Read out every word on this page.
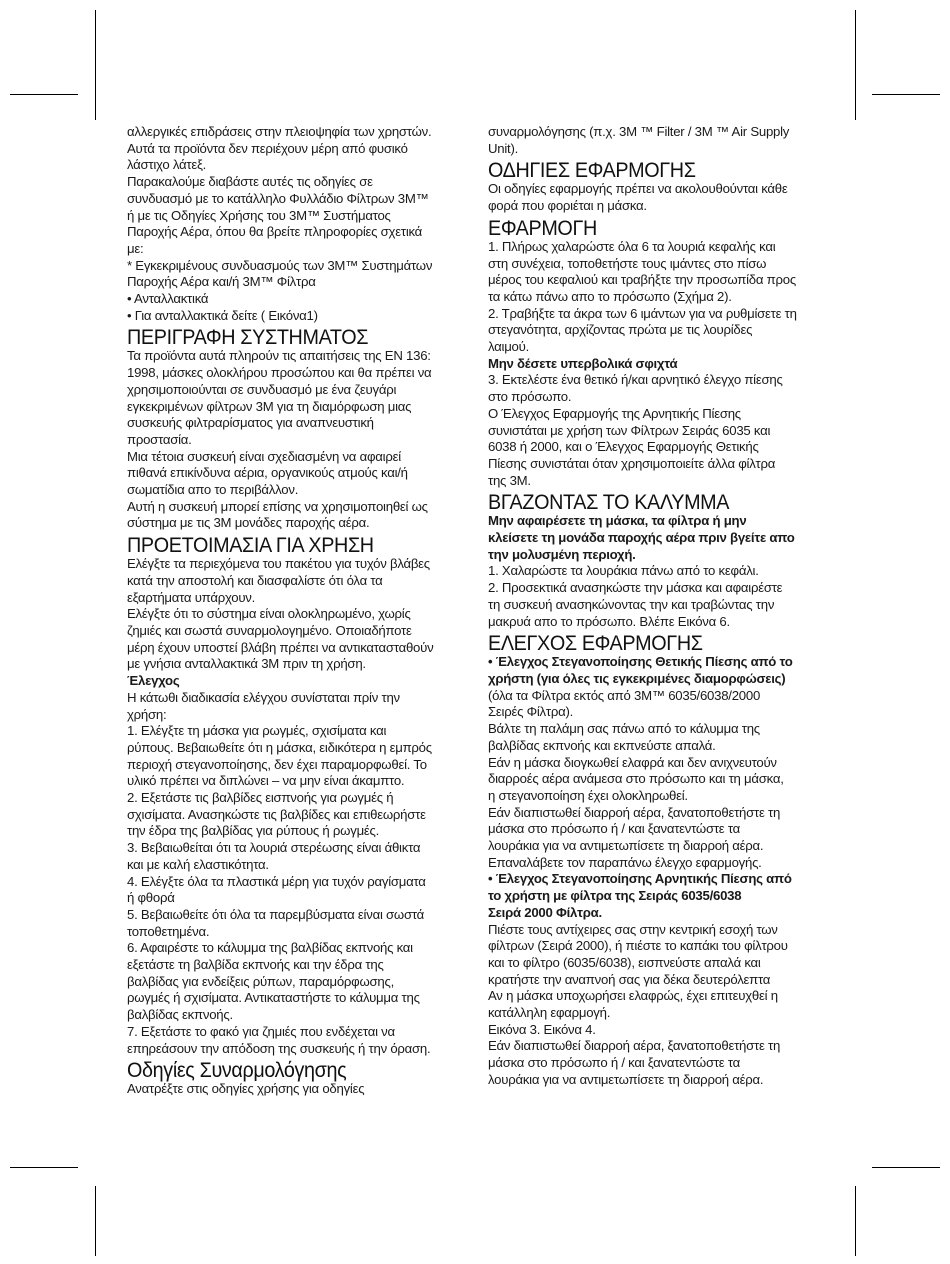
αλλεργικές επιδράσεις στην πλειοψηφία των χρηστών.

Αυτά τα προϊόντα δεν περιέχουν μέρη από φυσικό

λάστιχο λάτεξ.

Παρακαλούμε διαβάστε αυτές τις οδηγίες σε

συνδυασμό με το κατάλληλο Φυλλάδιο Φίλτρων 3M™

ή με τις Οδηγίες Χρήσης του 3M™ Συστήματος

Παροχής Αέρα, όπου θα βρείτε πληροφορίες σχετικά

με:

* Εγκεκριμένους συνδυασμούς των 3M™ Συστημάτων

Παροχής Αέρα και/ή 3M™ Φίλτρα

• Ανταλλακτικά

• Για ανταλλακτικά δείτε ( Εικόνα1)

ΠΕΡΙΓΡΑΦΗ ΣΥΣΤΗΜΑΤΟΣ

Τα προϊόντα αυτά πληρούν τις απαιτήσεις της EN 136:

1998, μάσκες ολοκλήρου προσώπου και θα πρέπει να

χρησιμοποιούνται σε συνδυασμό με ένα ζευγάρι

εγκεκριμένων φίλτρων 3M για τη διαμόρφωση μιας

συσκευής φιλτραρίσματος για αναπνευστική

προστασία.

Μια τέτοια συσκευή είναι σχεδιασμένη να αφαιρεί

πιθανά επικίνδυνα αέρια, οργανικούς ατμούς και/ή

σωματίδια απο το περιβάλλον.

Αυτή η συσκευή μπορεί επίσης να χρησιμοποιηθεί ως

σύστημα με τις 3M μονάδες παροχής αέρα.

ΠΡΟΕΤΟΙΜΑΣΙΑ ΓΙΑ ΧΡΗΣΗ

Ελέγξτε τα περιεχόμενα του πακέτου για τυχόν βλάβες

κατά την αποστολή και διασφαλίστε ότι όλα τα

εξαρτήματα υπάρχουν.

Ελέγξτε ότι το σύστημα είναι ολοκληρωμένο, χωρίς

ζημιές και σωστά συναρμολογημένο. Οποιαδήποτε

μέρη έχουν υποστεί βλάβη πρέπει να αντικατασταθούν

με γνήσια ανταλλακτικά 3M πριν τη χρήση.

Έλεγχος

Η κάτωθι διαδικασία ελέγχου συνίσταται πρίν την

χρήση:

1. Ελέγξτε τη μάσκα για ρωγμές, σχισίματα και

ρύπους. Βεβαιωθείτε ότι η μάσκα, ειδικότερα η εμπρός

περιοχή στεγανοποίησης, δεν έχει παραμορφωθεί. Το

υλικό πρέπει να διπλώνει – να μην είναι άκαμπτο.

2. Εξετάστε τις βαλβίδες εισπνοής για ρωγμές ή

σχισίματα. Ανασηκώστε τις βαλβίδες και επιθεωρήστε

την έδρα της βαλβίδας για ρύπους ή ρωγμές.

3. Βεβαιωθείται ότι τα λουριά στερέωσης είναι άθικτα

και με καλή ελαστικότητα.

4. Ελέγξτε όλα τα πλαστικά μέρη για τυχόν ραγίσματα

ή φθορά

5. Βεβαιωθείτε ότι όλα τα παρεμβύσματα είναι σωστά

τοποθετημένα.

6. Αφαιρέστε το κάλυμμα της βαλβίδας εκπνοής και

εξετάστε τη βαλβίδα εκπνοής και την έδρα της

βαλβίδας για ενδείξεις ρύπων, παραμόρφωσης,

ρωγμές ή σχισίματα. Αντικαταστήστε το κάλυμμα της

βαλβίδας εκπνοής.

7. Εξετάστε το φακό για ζημιές που ενδέχεται να

επηρεάσουν την απόδοση της συσκευής ή την όραση.

Οδηγίες Συναρμολόγησης

Ανατρέξτε στις οδηγίες χρήσης για οδηγίες

συναρμολόγησης (π.χ. 3M ™ Filter / 3M ™ Air Supply

Unit).

ΟΔΗΓΙΕΣ ΕΦΑΡΜΟΓΗΣ

Οι οδηγίες εφαρμογής πρέπει να ακολουθούνται κάθε

φορά που φοριέται η μάσκα.

ΕΦΑΡΜΟΓΗ

1. Πλήρως χαλαρώστε όλα 6 τα λουριά κεφαλής και

στη συνέχεια, τοποθετήστε τους ιμάντες στο πίσω

μέρος του κεφαλιού και τραβήξτε την προσωπίδα προς

τα κάτω πάνω απο το πρόσωπο (Σχήμα 2).

2. Τραβήξτε τα άκρα των 6 ιμάντων για να ρυθμίσετε τη

στεγανότητα, αρχίζοντας πρώτα με τις λουρίδες

λαιμού.

Μην δέσετε υπερβολικά σφιχτά

3. Εκτελέστε ένα θετικό ή/και αρνητικό έλεγχο πίεσης

στο πρόσωπο.

Ο Έλεγχος Εφαρμογής της Αρνητικής Πίεσης

συνιστάται με χρήση των Φίλτρων Σειράς 6035 και

6038 ή 2000, και ο Έλεγχος Εφαρμογής Θετικής

Πίεσης συνιστάται όταν χρησιμοποιείτε άλλα φίλτρα

της 3M.

ΒΓΑΖΟΝΤΑΣ ΤΟ ΚΑΛΥΜΜΑ

Μην αφαιρέσετε τη μάσκα, τα φίλτρα ή μην

κλείσετε τη μονάδα παροχής αέρα πριν βγείτε απο

την μολυσμένη περιοχή.

1. Χαλαρώστε τα λουράκια πάνω από το κεφάλι.

2. Προσεκτικά ανασηκώστε την μάσκα και αφαιρέστε

τη συσκευή ανασηκώνοντας την και τραβώντας την

μακρυά απο το πρόσωπο. Βλέπε Εικόνα 6.

ΕΛΕΓΧΟΣ ΕΦΑΡΜΟΓΗΣ

• Έλεγχος Στεγανοποίησης Θετικής Πίεσης από το

χρήστη (για όλες τις εγκεκριμένες διαμορφώσεις)

(όλα τα Φίλτρα εκτός από 3M™ 6035/6038/2000

Σειρές Φίλτρα).

Βάλτε τη παλάμη σας πάνω από το κάλυμμα της

βαλβίδας εκπνοής και εκπνεύστε απαλά.

Εάν η μάσκα διογκωθεί ελαφρά και δεν ανιχνευτούν

διαρροές αέρα ανάμεσα στο πρόσωπο και τη μάσκα,

η στεγανοποίηση έχει ολοκληρωθεί.

Εάν διαπιστωθεί διαρροή αέρα, ξανατοποθετήστε τη

μάσκα στο πρόσωπο ή / και ξανατεντώστε τα

λουράκια για να αντιμετωπίσετε τη διαρροή αέρα.

Επαναλάβετε τον παραπάνω έλεγχο εφαρμογής.

• Έλεγχος Στεγανοποίησης Αρνητικής Πίεσης από

το χρήστη με φίλτρα της Σειράς 6035/6038

Σειρά 2000 Φίλτρα.

Πιέστε τους αντίχειρες σας στην κεντρική εσοχή των

φίλτρων (Σειρά 2000), ή πιέστε το καπάκι του φίλτρου

και το φίλτρο (6035/6038), εισπνεύστε απαλά και

κρατήστε την αναπνοή σας για δέκα δευτερόλεπτα

Αν η μάσκα υποχωρήσει ελαφρώς, έχει επιτευχθεί η

κατάλληλη εφαρμογή.

Εικόνα 3. Εικόνα 4.

Εάν διαπιστωθεί διαρροή αέρα, ξανατοποθετήστε τη

μάσκα στο πρόσωπο ή / και ξανατεντώστε τα

λουράκια για να αντιμετωπίσετε τη διαρροή αέρα.
